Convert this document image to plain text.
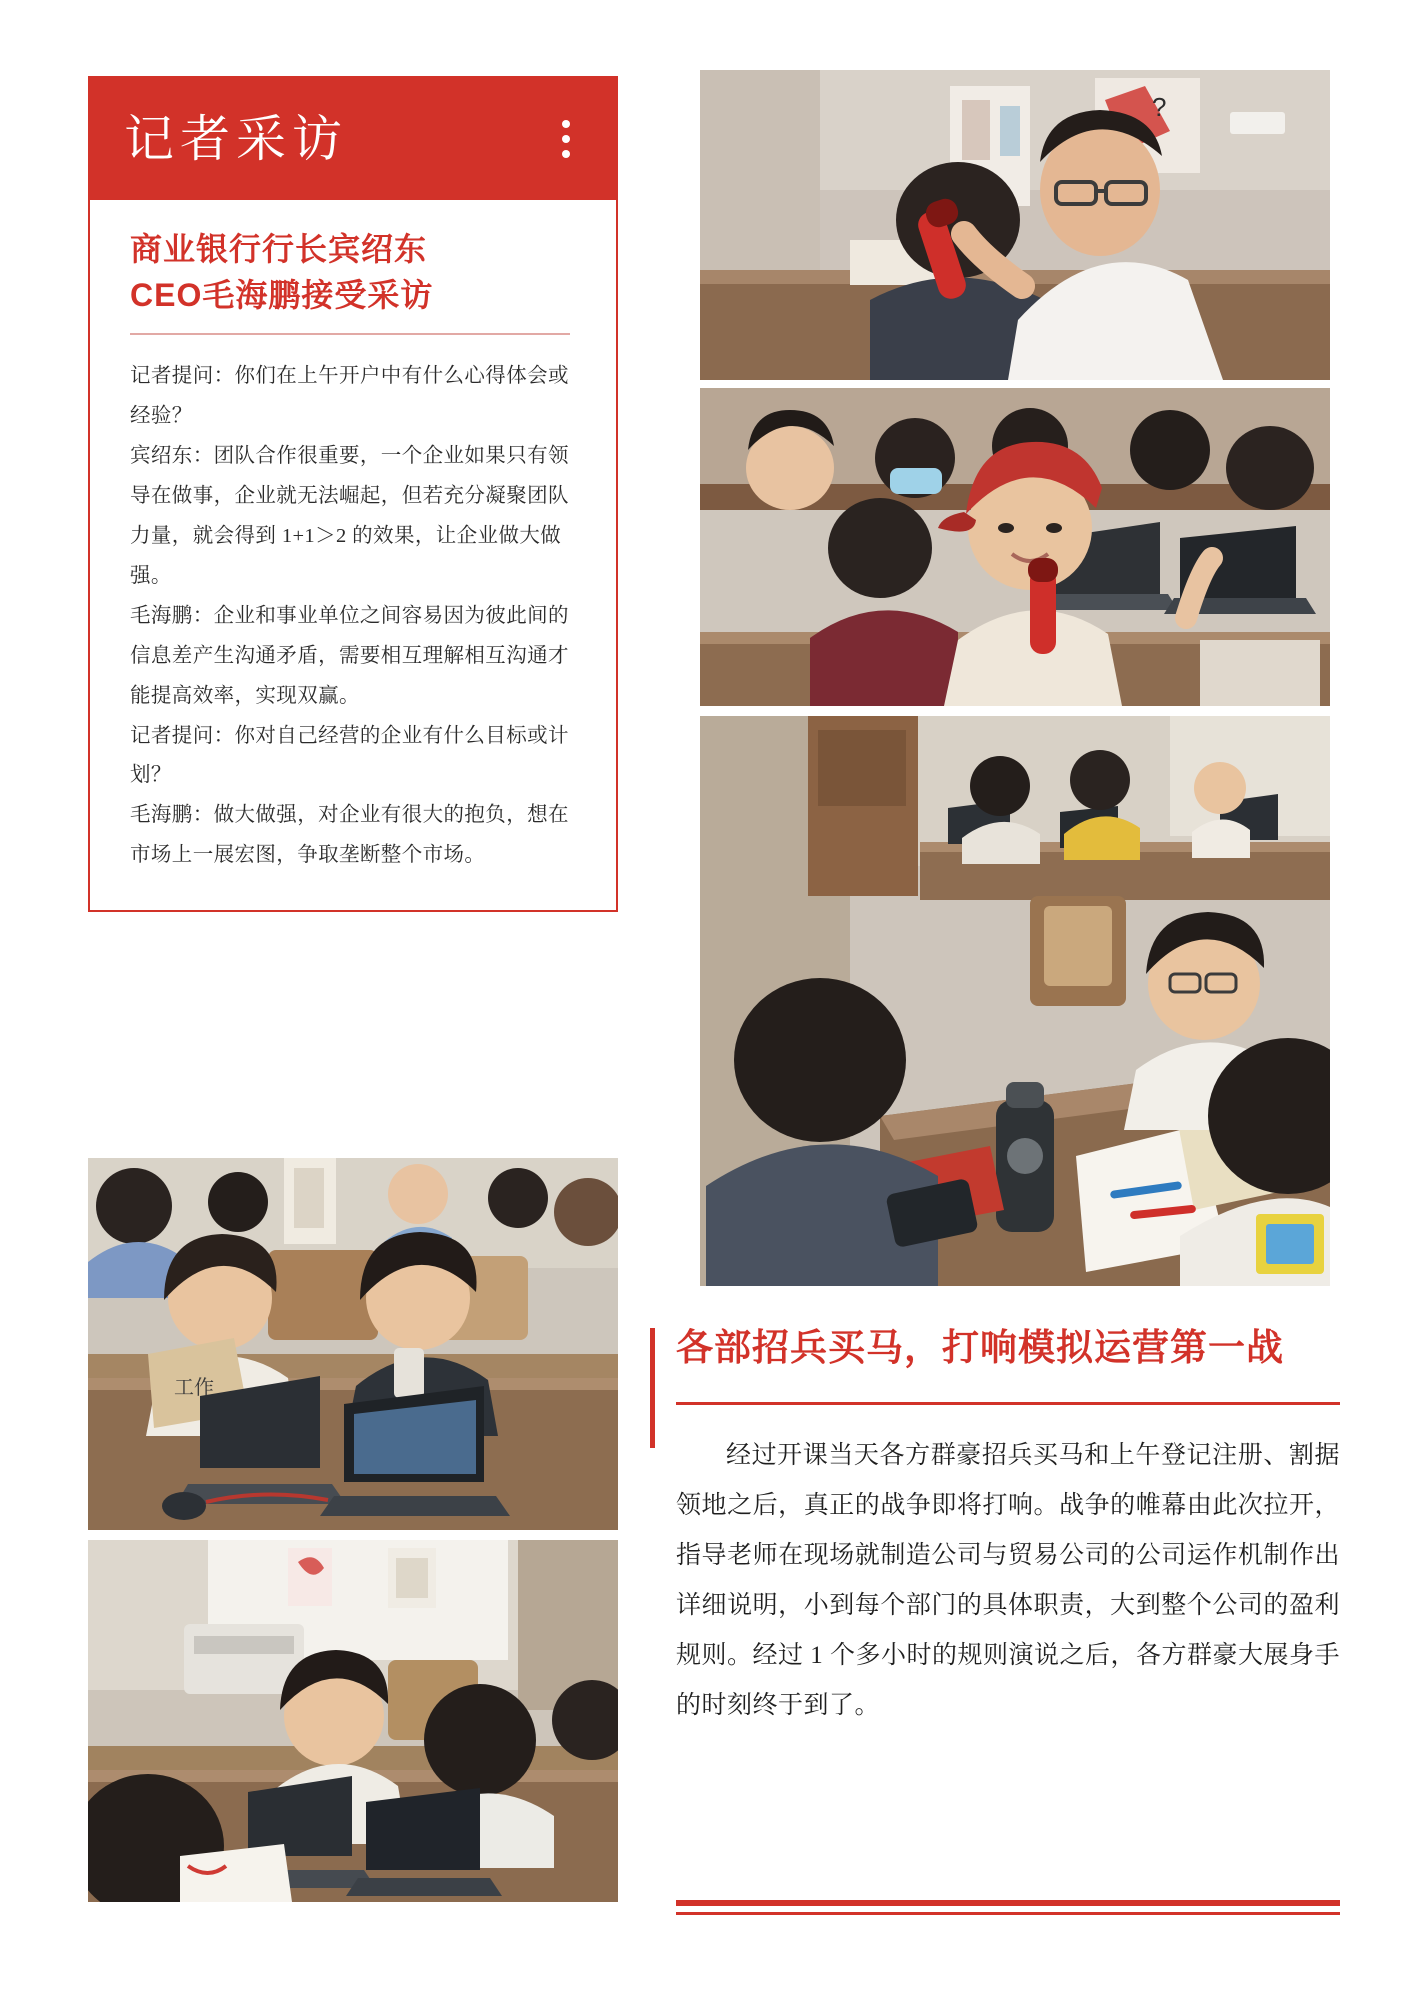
记者采访
商业银行行长宾绍东
CEO毛海鹏接受采访

记者提问：你们在上午开户中有什么心得体会或经验？

宾绍东：团队合作很重要，一个企业如果只有领导在做事，企业就无法崛起，但若充分凝聚团队力量，就会得到 1+1＞2 的效果，让企业做大做强。

毛海鹏：企业和事业单位之间容易因为彼此间的信息差产生沟通矛盾，需要相互理解相互沟通才能提高效率，实现双赢。

记者提问：你对自己经营的企业有什么目标或计划？

毛海鹏：做大做强，对企业有很大的抱负，想在市场上一展宏图，争取垄断整个市场。

?
工作
各部招兵买马，打响模拟运营第一战

经过开课当天各方群豪招兵买马和上午登记注册、割据领地之后，真正的战争即将打响。战争的帷幕由此次拉开，指导老师在现场就制造公司与贸易公司的公司运作机制作出详细说明，小到每个部门的具体职责，大到整个公司的盈利规则。经过 1 个多小时的规则演说之后，各方群豪大展身手的时刻终于到了。
